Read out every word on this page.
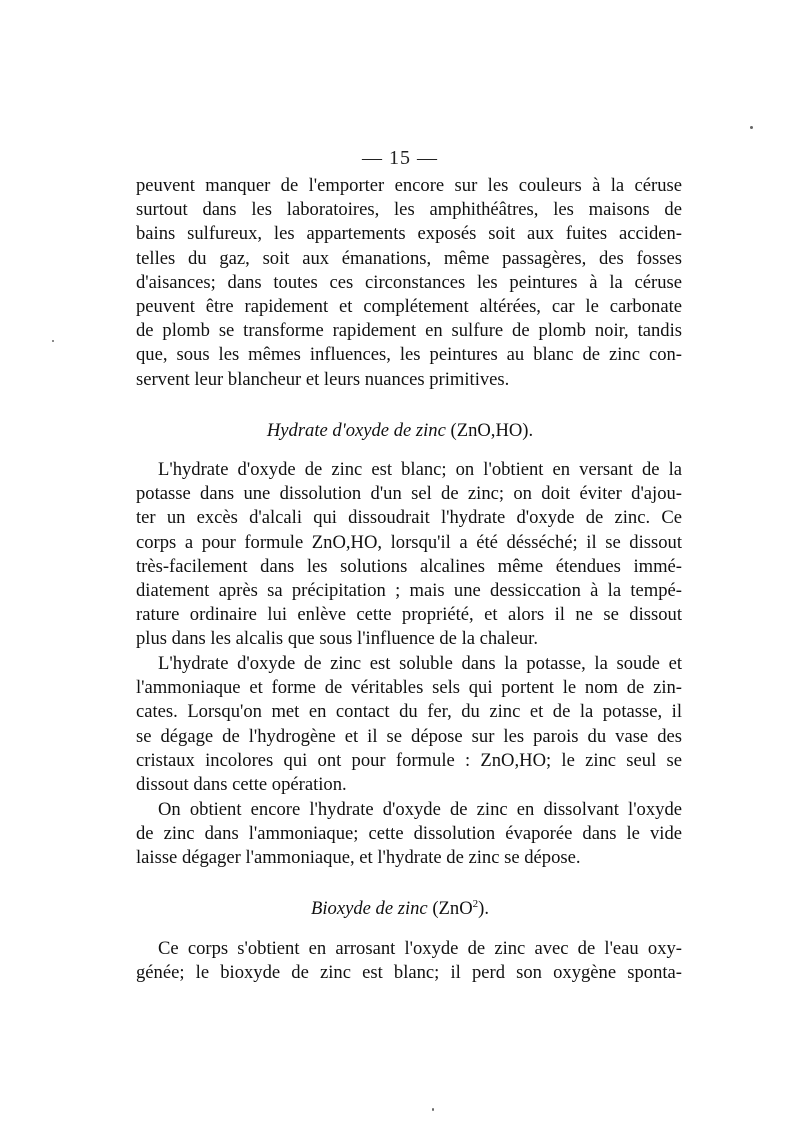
— 15 —

peuvent manquer de l'emporter encore sur les couleurs à la céruse
surtout dans les laboratoires, les amphithéâtres, les maisons de
bains sulfureux, les appartements exposés soit aux fuites acciden-
telles du gaz, soit aux émanations, même passagères, des fosses
d'aisances; dans toutes ces circonstances les peintures à la céruse
peuvent être rapidement et complétement altérées, car le carbonate
de plomb se transforme rapidement en sulfure de plomb noir, tandis
que, sous les mêmes influences, les peintures au blanc de zinc con-
servent leur blancheur et leurs nuances primitives.

Hydrate d'oxyde de zinc (ZnO,HO).

L'hydrate d'oxyde de zinc est blanc; on l'obtient en versant de la
potasse dans une dissolution d'un sel de zinc; on doit éviter d'ajou-
ter un excès d'alcali qui dissoudrait l'hydrate d'oxyde de zinc. Ce
corps a pour formule ZnO,HO, lorsqu'il a été désséché; il se dissout
très-facilement dans les solutions alcalines même étendues immé-
diatement après sa précipitation ; mais une dessiccation à la tempé-
rature ordinaire lui enlève cette propriété, et alors il ne se dissout
plus dans les alcalis que sous l'influence de la chaleur.

L'hydrate d'oxyde de zinc est soluble dans la potasse, la soude et
l'ammoniaque et forme de véritables sels qui portent le nom de zin-
cates. Lorsqu'on met en contact du fer, du zinc et de la potasse, il
se dégage de l'hydrogène et il se dépose sur les parois du vase des
cristaux incolores qui ont pour formule : ZnO,HO; le zinc seul se
dissout dans cette opération.

On obtient encore l'hydrate d'oxyde de zinc en dissolvant l'oxyde
de zinc dans l'ammoniaque; cette dissolution évaporée dans le vide
laisse dégager l'ammoniaque, et l'hydrate de zinc se dépose.

Bioxyde de zinc (ZnO$^2$).

Ce corps s'obtient en arrosant l'oxyde de zinc avec de l'eau oxy-
génée; le bioxyde de zinc est blanc; il perd son oxygène sponta-
